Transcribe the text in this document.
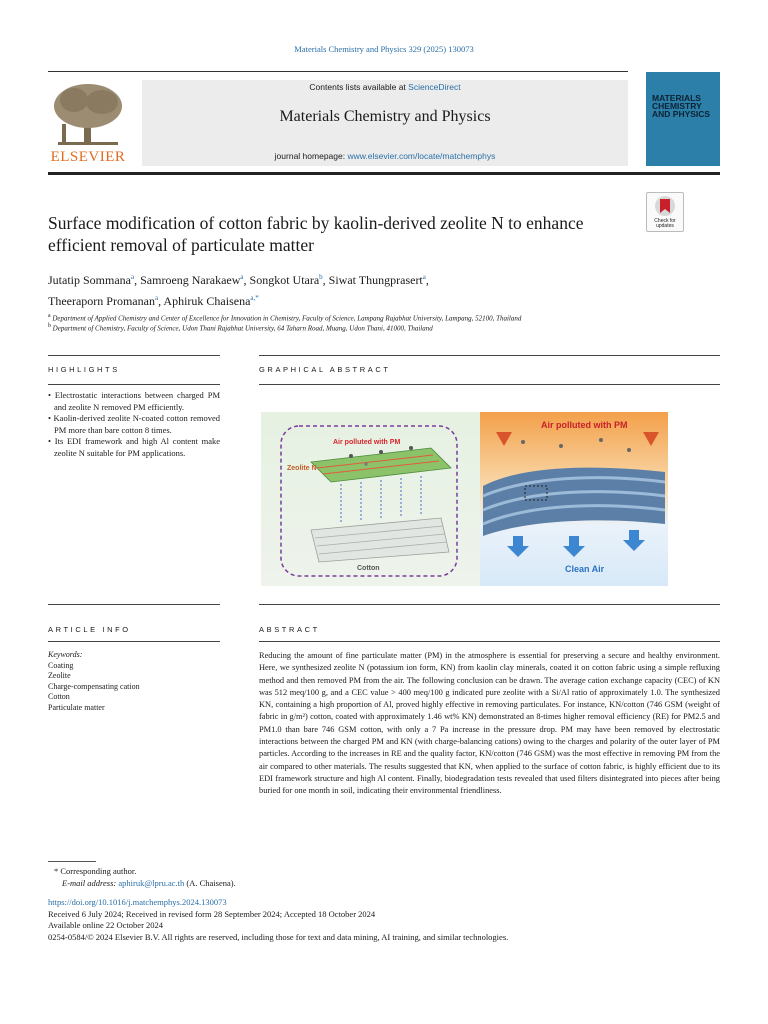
Materials Chemistry and Physics 329 (2025) 130073
ELSEVIER
Contents lists available at ScienceDirect
Materials Chemistry and Physics
journal homepage: www.elsevier.com/locate/matchemphys
MATERIALS CHEMISTRY AND PHYSICS
Check for updates
Surface modification of cotton fabric by kaolin-derived zeolite N to enhance efficient removal of particulate matter
Jutatip Sommana$^a$, Samroeng Narakaew$^a$, Songkot Utara$^b$, Siwat Thungprasert$^a$,
Theeraporn Promanan$^a$, Aphiruk Chaisena$^{a,*}$
$^a$ Department of Applied Chemistry and Center of Excellence for Innovation in Chemistry, Faculty of Science, Lampang Rajabhat University, Lampang, 52100, Thailand
$^b$ Department of Chemistry, Faculty of Science, Udon Thani Rajabhat University, 64 Taharn Road, Muang, Udon Thani, 41000, Thailand
HIGHLIGHTS
• Electrostatic interactions between charged PM and zeolite N removed PM efficiently.
• Kaolin-derived zeolite N-coated cotton removed PM more than bare cotton 8 times.
• Its EDI framework and high Al content make zeolite N suitable for PM applications.
GRAPHICAL ABSTRACT
Air polluted with PM
Zeolite N
Cotton
Air polluted with PM
Clean Air
ARTICLE INFO
Keywords:
Coating
Zeolite
Charge-compensating cation
Cotton
Particulate matter
ABSTRACT
Reducing the amount of fine particulate matter (PM) in the atmosphere is essential for preserving a secure and healthy environment. Here, we synthesized zeolite N (potassium ion form, KN) from kaolin clay minerals, coated it on cotton fabric using a simple refluxing method and then removed PM from the air. The following conclusion can be drawn. The average cation exchange capacity (CEC) of KN was 512 meq/100 g, and a CEC value > 400 meq/100 g indicated pure zeolite with a Si/Al ratio of approximately 1.0. The synthesized KN, containing a high proportion of Al, proved highly effective in removing particulates. For instance, KN/cotton (746 GSM (weight of fabric in g/m²) cotton, coated with approximately 1.46 wt% KN) demonstrated an 8-times higher removal efficiency (RE) for PM2.5 and PM1.0 than bare 746 GSM cotton, with only a 7 Pa increase in the pressure drop. PM may have been removed by electrostatic interactions between the charged PM and KN (with charge-balancing cations) owing to the charges and polarity of the outer layer of PM particles. According to the increases in RE and the quality factor, KN/cotton (746 GSM) was the most effective in removing PM from the air compared to other materials. The results suggested that KN, when applied to the surface of cotton fabric, is highly efficient due to its EDI framework structure and high Al content. Finally, biodegradation tests revealed that used filters disintegrated into pieces after being buried for one month in soil, indicating their environmental friendliness.
* Corresponding author.
E-mail address: aphiruk@lpru.ac.th (A. Chaisena).
https://doi.org/10.1016/j.matchemphys.2024.130073
Received 6 July 2024; Received in revised form 28 September 2024; Accepted 18 October 2024
Available online 22 October 2024
0254-0584/© 2024 Elsevier B.V. All rights are reserved, including those for text and data mining, AI training, and similar technologies.
